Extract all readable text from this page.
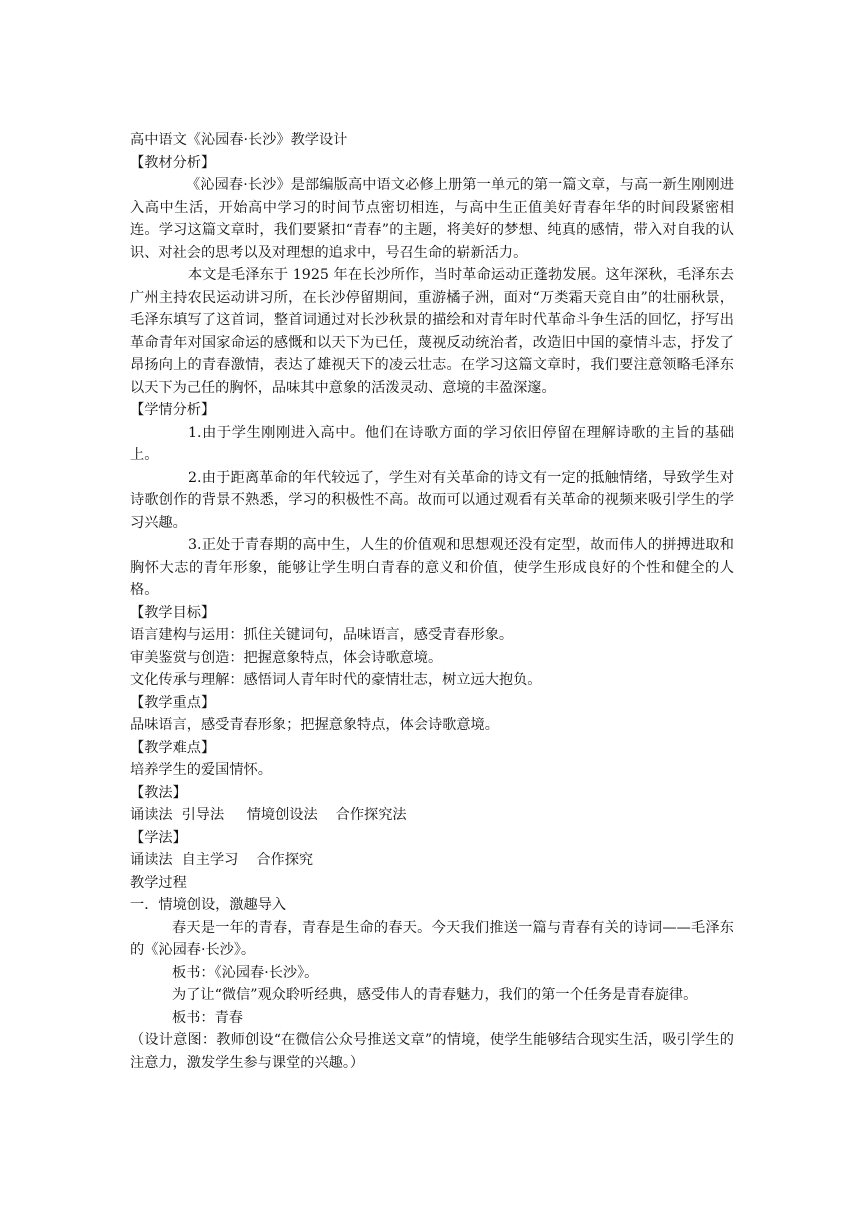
高中语文《沁园春·长沙》教学设计

【教材分析】

《沁园春·长沙》是部编版高中语文必修上册第一单元的第一篇文章，与高一新生刚刚进入高中生活，开始高中学习的时间节点密切相连，与高中生正值美好青春年华的时间段紧密相连。学习这篇文章时，我们要紧扣“青春”的主题，将美好的梦想、纯真的感情，带入对自我的认识、对社会的思考以及对理想的追求中，号召生命的崭新活力。

本文是毛泽东于 1925 年在长沙所作，当时革命运动正蓬勃发展。这年深秋，毛泽东去广州主持农民运动讲习所，在长沙停留期间，重游橘子洲，面对“万类霜天竞自由”的壮丽秋景，毛泽东填写了这首词，整首词通过对长沙秋景的描绘和对青年时代革命斗争生活的回忆，抒写出革命青年对国家命运的感慨和以天下为已任，蔑视反动统治者，改造旧中国的豪情斗志，抒发了昂扬向上的青春激情，表达了雄视天下的凌云壮志。在学习这篇文章时，我们要注意领略毛泽东以天下为己任的胸怀，品味其中意象的活泼灵动、意境的丰盈深邃。

【学情分析】

1.由于学生刚刚进入高中。他们在诗歌方面的学习依旧停留在理解诗歌的主旨的基础上。

2.由于距离革命的年代较远了，学生对有关革命的诗文有一定的抵触情绪，导致学生对诗歌创作的背景不熟悉，学习的积极性不高。故而可以通过观看有关革命的视频来吸引学生的学习兴趣。

3.正处于青春期的高中生，人生的价值观和思想观还没有定型，故而伟人的拼搏进取和胸怀大志的青年形象，能够让学生明白青春的意义和价值，使学生形成良好的个性和健全的人格。

【教学目标】

语言建构与运用：抓住关键词句，品味语言，感受青春形象。

审美鉴赏与创造：把握意象特点，体会诗歌意境。

文化传承与理解：感悟词人青年时代的豪情壮志，树立远大抱负。

【教学重点】

品味语言，感受青春形象；把握意象特点，体会诗歌意境。

【教学难点】

培养学生的爱国情怀。

【教法】

诵读法  引导法     情境创设法    合作探究法

【学法】

诵读法  自主学习    合作探究

教学过程

一．情境创设，激趣导入

春天是一年的青春，青春是生命的春天。今天我们推送一篇与青春有关的诗词——毛泽东的《沁园春·长沙》。

板书：《沁园春·长沙》。

为了让“微信”观众聆听经典，感受伟人的青春魅力，我们的第一个任务是青春旋律。

板书：青春

（设计意图：教师创设“在微信公众号推送文章”的情境，使学生能够结合现实生活，吸引学生的注意力，激发学生参与课堂的兴趣。）
